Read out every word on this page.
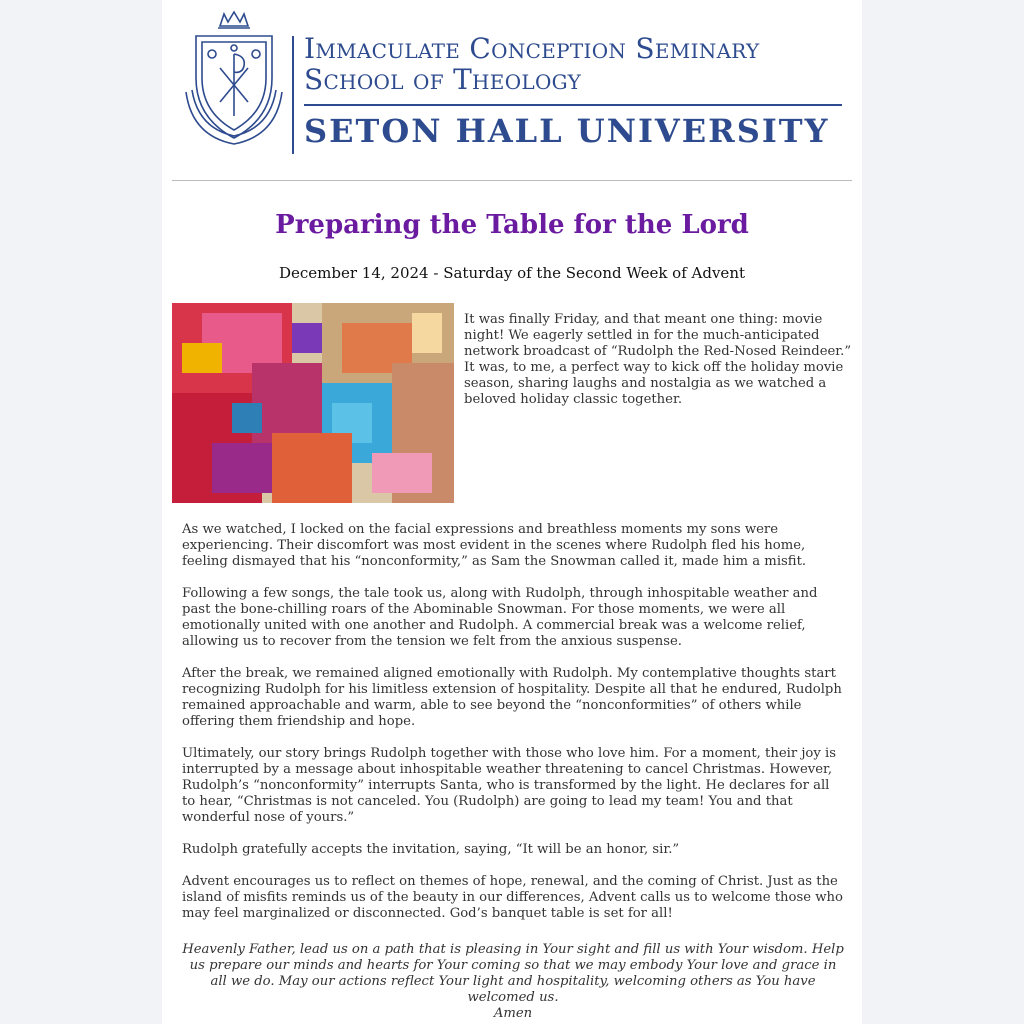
Immaculate Conception Seminary
School of Theology
SETON HALL UNIVERSITY
Preparing the Table for the Lord
December 14, 2024 - Saturday of the Second Week of Advent
It was finally Friday, and that meant one thing: movie night! We eagerly settled in for the much-anticipated network broadcast of “Rudolph the Red-Nosed Reindeer.” It was, to me, a perfect way to kick off the holiday movie season, sharing laughs and nostalgia as we watched a beloved holiday classic together.

As we watched, I locked on the facial expressions and breathless moments my sons were experiencing. Their discomfort was most evident in the scenes where Rudolph fled his home, feeling dismayed that his “nonconformity,” as Sam the Snowman called it, made him a misfit.

Following a few songs, the tale took us, along with Rudolph, through inhospitable weather and past the bone-chilling roars of the Abominable Snowman. For those moments, we were all emotionally united with one another and Rudolph. A commercial break was a welcome relief, allowing us to recover from the tension we felt from the anxious suspense.

After the break, we remained aligned emotionally with Rudolph. My contemplative thoughts start recognizing Rudolph for his limitless extension of hospitality. Despite all that he endured, Rudolph remained approachable and warm, able to see beyond the “nonconformities” of others while offering them friendship and hope.

Ultimately, our story brings Rudolph together with those who love him. For a moment, their joy is interrupted by a message about inhospitable weather threatening to cancel Christmas. However, Rudolph’s “nonconformity” interrupts Santa, who is transformed by the light. He declares for all to hear, “Christmas is not canceled. You (Rudolph) are going to lead my team! You and that wonderful nose of yours.”

Rudolph gratefully accepts the invitation, saying, “It will be an honor, sir.”

Advent encourages us to reflect on themes of hope, renewal, and the coming of Christ. Just as the island of misfits reminds us of the beauty in our differences, Advent calls us to welcome those who may feel marginalized or disconnected. God’s banquet table is set for all!

Heavenly Father, lead us on a path that is pleasing in Your sight and fill us with Your wisdom. Help us prepare our minds and hearts for Your coming so that we may embody Your love and grace in all we do. May our actions reflect Your light and hospitality, welcoming others as You have welcomed us.
Amen
